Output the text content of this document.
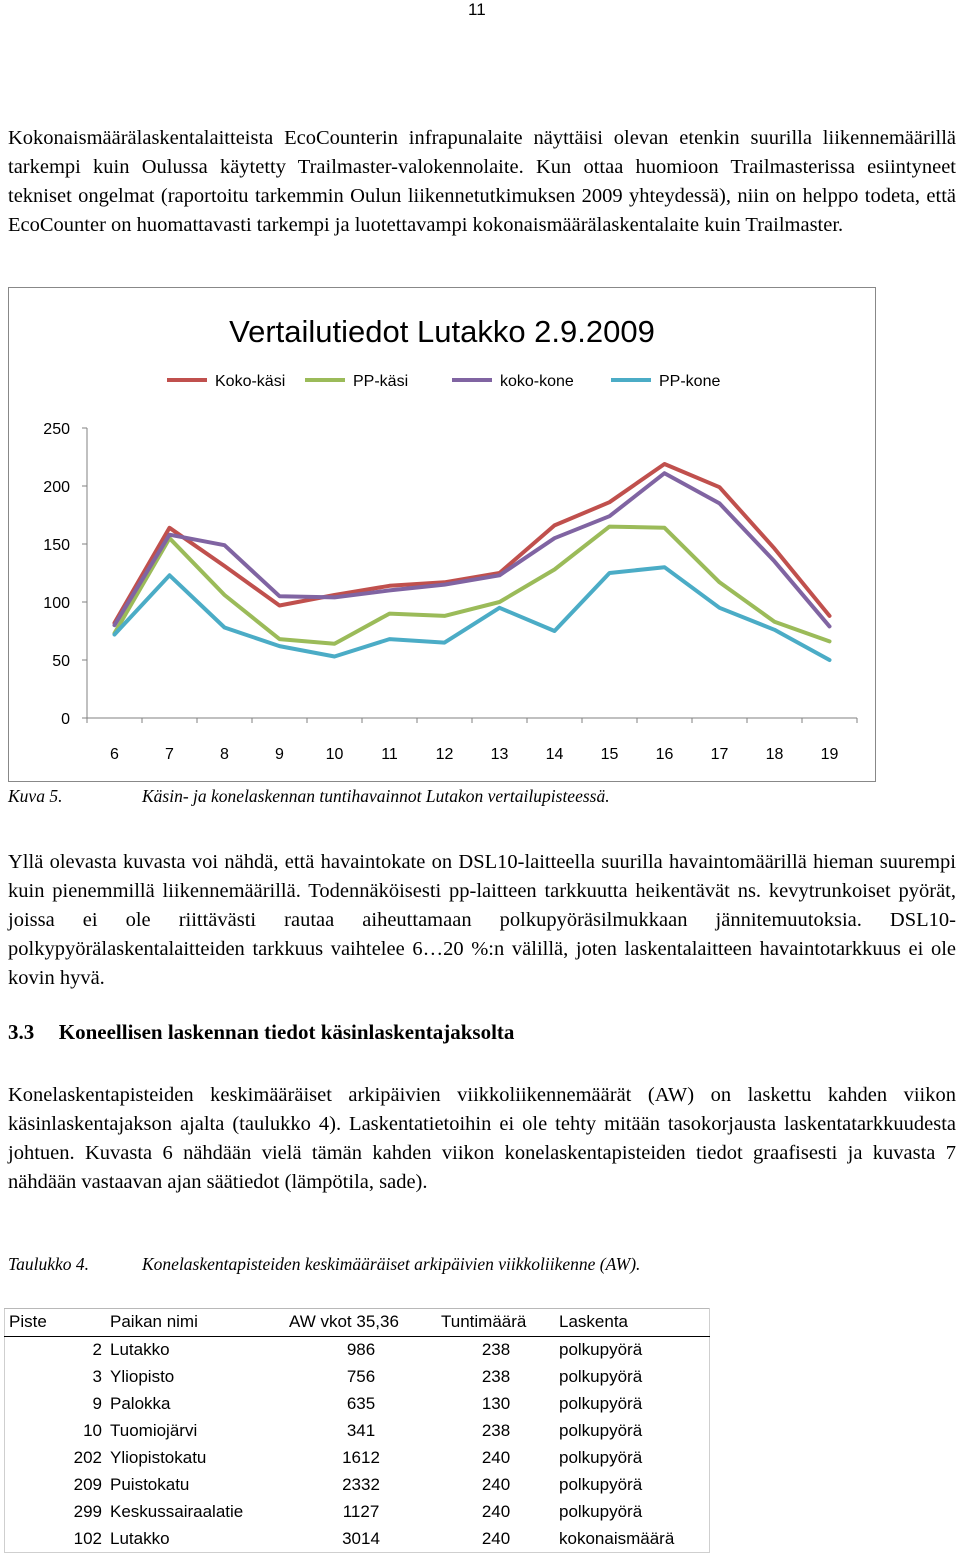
11

Kokonaismäärälaskentalaitteista EcoCounterin infrapunalaite näyttäisi olevan etenkin suurilla liikennemäärillä tarkempi kuin Oulussa käytetty Trailmaster-valokennolaite. Kun ottaa huomioon Trailmasterissa esiintyneet tekniset ongelmat (raportoitu tarkemmin Oulun liikennetutkimuksen 2009 yhteydessä), niin on helppo todeta, että EcoCounter on huomattavasti tarkempi ja luotettavampi kokonaismäärälaskentalaite kuin Trailmaster.

Vertailutiedot Lutakko 2.9.2009
Koko-käsi	PP-käsi	koko-kone	PP-kone
0
50
100
150
200
250
6	7	8	9	10 11 12 13 14 15 16 17 18 19
Kuva 5.	Käsin- ja konelaskennan tuntihavainnot Lutakon vertailupisteessä.

Yllä olevasta kuvasta voi nähdä, että havaintokate on DSL10-laitteella suurilla havaintomäärillä hieman suurempi kuin pienemmillä liikennemäärillä. Todennäköisesti pp-laitteen tarkkuutta heikentävät ns. kevytrunkoiset pyörät, joissa ei ole riittävästi rautaa aiheuttamaan polkupyöräsilmukkaan jännitemuutoksia. DSL10-polkypyörälaskentalaitteiden tarkkuus vaihtelee 6…20 %:n välillä, joten laskentalaitteen havaintotarkkuus ei ole kovin hyvä.

3.3 Koneellisen laskennan tiedot käsinlaskentajaksolta

Konelaskentapisteiden keskimääräiset arkipäivien viikkoliikennemäärät (AW) on laskettu kahden viikon käsinlaskentajakson ajalta (taulukko 4). Laskentatietoihin ei ole tehty mitään tasokorjausta laskentatarkkuudesta johtuen. Kuvasta 6 nähdään vielä tämän kahden viikon konelaskentapisteiden tiedot graafisesti ja kuvasta 7 nähdään vastaavan ajan säätiedot (lämpötila, sade).

Taulukko 4.	Konelaskentapisteiden keskimääräiset arkipäivien viikkoliikenne (AW).
Piste	Paikan nimi	AW vkot 35,36	Tuntimäärä	Laskenta
2	Lutakko	986	238	polkupyörä
3	Yliopisto	756	238	polkupyörä
9	Palokka	635	130	polkupyörä
10	Tuomiojärvi	341	238	polkupyörä
202	Yliopistokatu	1612	240	polkupyörä
209	Puistokatu	2332	240	polkupyörä
299	Keskussairaalatie	1127	240	polkupyörä
102	Lutakko	3014	240	kokonaismäärä
